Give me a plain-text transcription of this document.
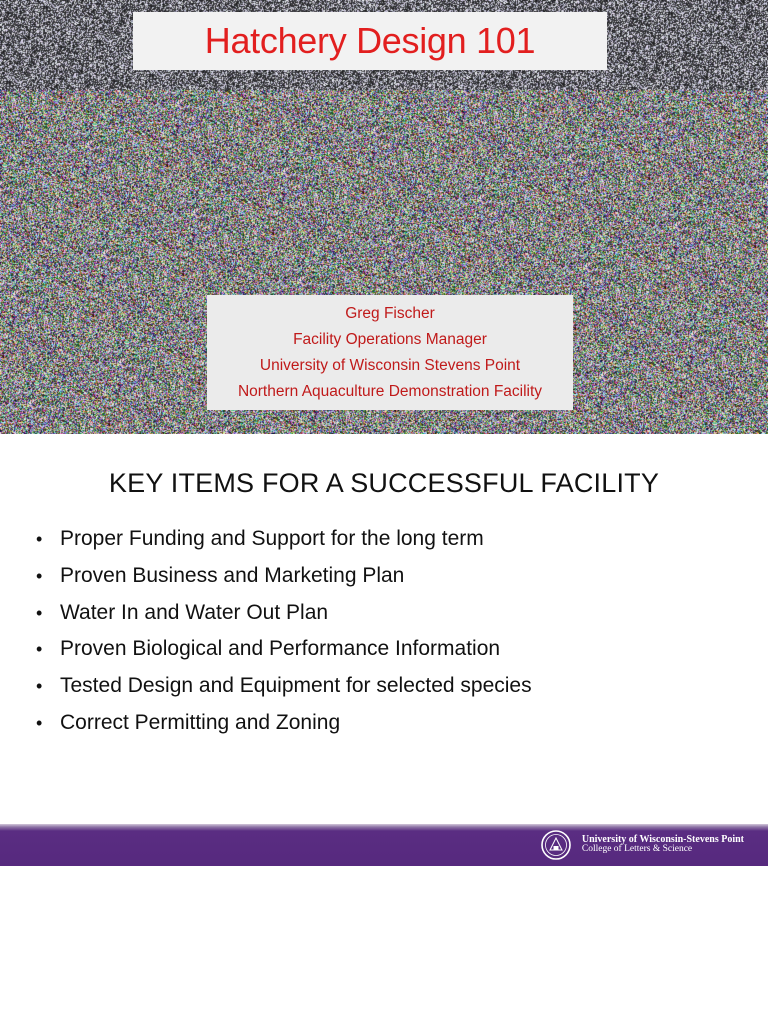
Hatchery Design 101
Greg Fischer
Facility Operations Manager
University of Wisconsin Stevens Point
Northern Aquaculture Demonstration Facility
KEY ITEMS FOR A SUCCESSFUL FACILITY
• Proper Funding and Support for the long term
• Proven Business and Marketing Plan
• Water In and Water Out Plan
• Proven Biological and Performance Information
• Tested Design and Equipment for selected species
• Correct Permitting and Zoning
University of Wisconsin-Stevens Point
College of Letters & Science
